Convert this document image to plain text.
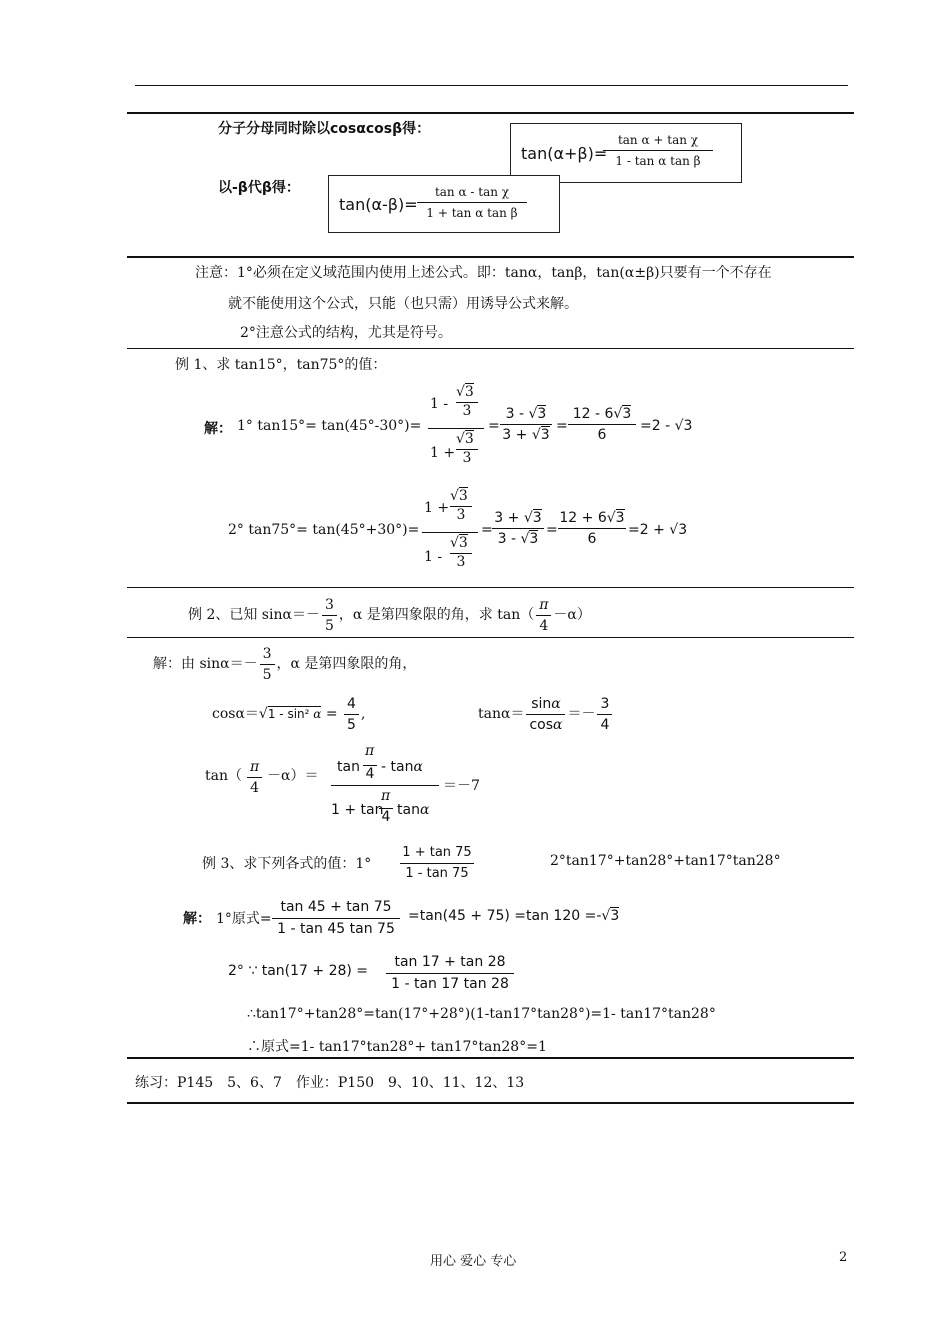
分子分母同时除以cosαcosβ得：
tan(α+β)=
$\frac{\text{tan α + tan χ}}{\text{1 - tan α tan β}}$
以-β代β得：
$\tan(\alpha-\beta)= \frac{\text{tan α - tan χ}}{\text{1 + tan α tan β}}$
注意：1°必须在定义域范围内使用上述公式。即：tanα，tanβ，tan(α±β)只要有一个不存在
就不能使用这个公式，只能（也只需）用诱导公式来解。
2°注意公式的结构，尤其是符号。
例 1、求 tan15°，tan75°的值：
解： 1° tan15°= tan(45°-30°)=
1 -
√3
3
1 +
√3
3
=
3 - √3
3 + √3
=
12 - 6√3
6
=2 - √3
2° tan75°= tan(45°+30°)=
1 +
√3
3
1 -
√3
3
=
3 + √3
3 - √3
=
12 + 6√3
6
=2 + √3
例 2、已知 $\sin\alpha=- \frac{3}{5}$ ，α 是第四象限的角，求 $\tan( \frac{\pi}{4} -\alpha)$
解：由 $\sin\alpha=- \frac{3}{5}$ ，α 是第四象限的角，
cosα＝√1 - sin² $\alpha = \frac{4}{5}$ ,	$\tan\alpha= \frac{\sin\alpha}{\cos\alpha} =- \frac{3}{4}$
$\tan( \frac{\pi}{4} -\alpha)=$
tan
π
4 - tanα
1 + tan
π
4 tanα
＝－7
例 3、求下列各式的值：$1^\circ \frac{1 + \tan 75}{1 - \tan 75}$	2°tan17°+tan28°+tan17°tan28°
解： 1°原式= $\frac{\tan 45 + \tan 75}{1 - \tan 45 \tan 75} =\tan(45 + 75) =\tan$ 120 =-√3
2° ∵ $\tan(17 + 28) = \frac{\tan 17 + \tan 28}{1 - \tan 17 \tan 28}$
∴tan17°+tan28°=tan(17°+28°)(1-tan17°tan28°)=1- tan17°tan28°
∴原式=1- tan17°tan28°+ tan17°tan28°=1
练习：P145　5、6、7　作业：P150　9、10、11、12、13
用心 爱心 专心	2
